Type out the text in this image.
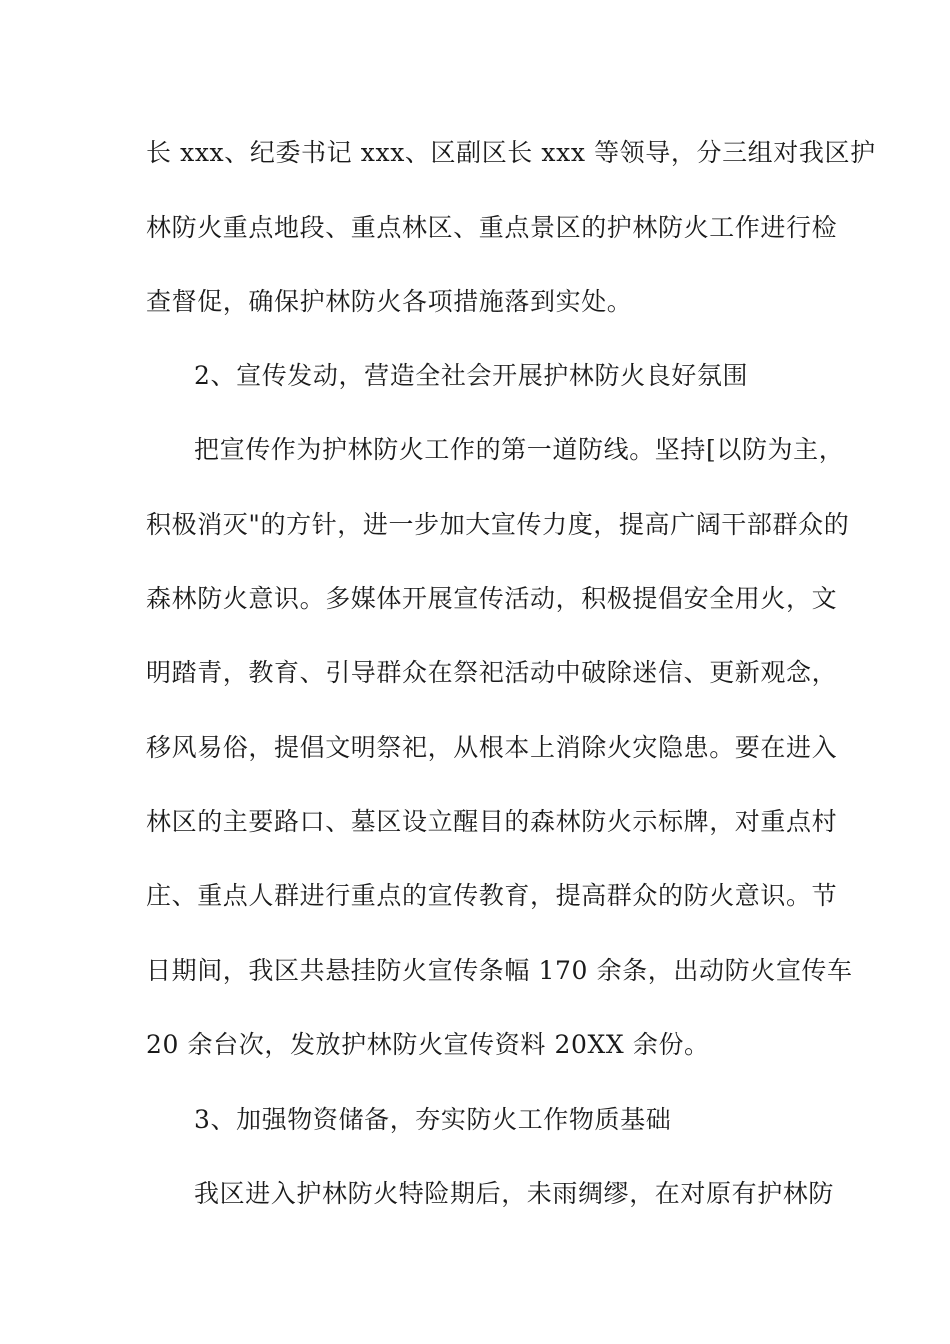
长 xxx、纪委书记 xxx、区副区长 xxx 等领导，分三组对我区护
林防火重点地段、重点林区、重点景区的护林防火工作进行检
查督促，确保护林防火各项措施落到实处。
2、宣传发动，营造全社会开展护林防火良好氛围
把宣传作为护林防火工作的第一道防线。坚持[以防为主，
积极消灭"的方针，进一步加大宣传力度，提高广阔干部群众的
森林防火意识。多媒体开展宣传活动，积极提倡安全用火，文
明踏青，教育、引导群众在祭祀活动中破除迷信、更新观念，
移风易俗，提倡文明祭祀，从根本上消除火灾隐患。要在进入
林区的主要路口、墓区设立醒目的森林防火示标牌，对重点村
庄、重点人群进行重点的宣传教育，提高群众的防火意识。节
日期间，我区共悬挂防火宣传条幅 170 余条，出动防火宣传车
20 余台次，发放护林防火宣传资料 20XX 余份。
3、加强物资储备，夯实防火工作物质基础
我区进入护林防火特险期后，未雨绸缪，在对原有护林防
